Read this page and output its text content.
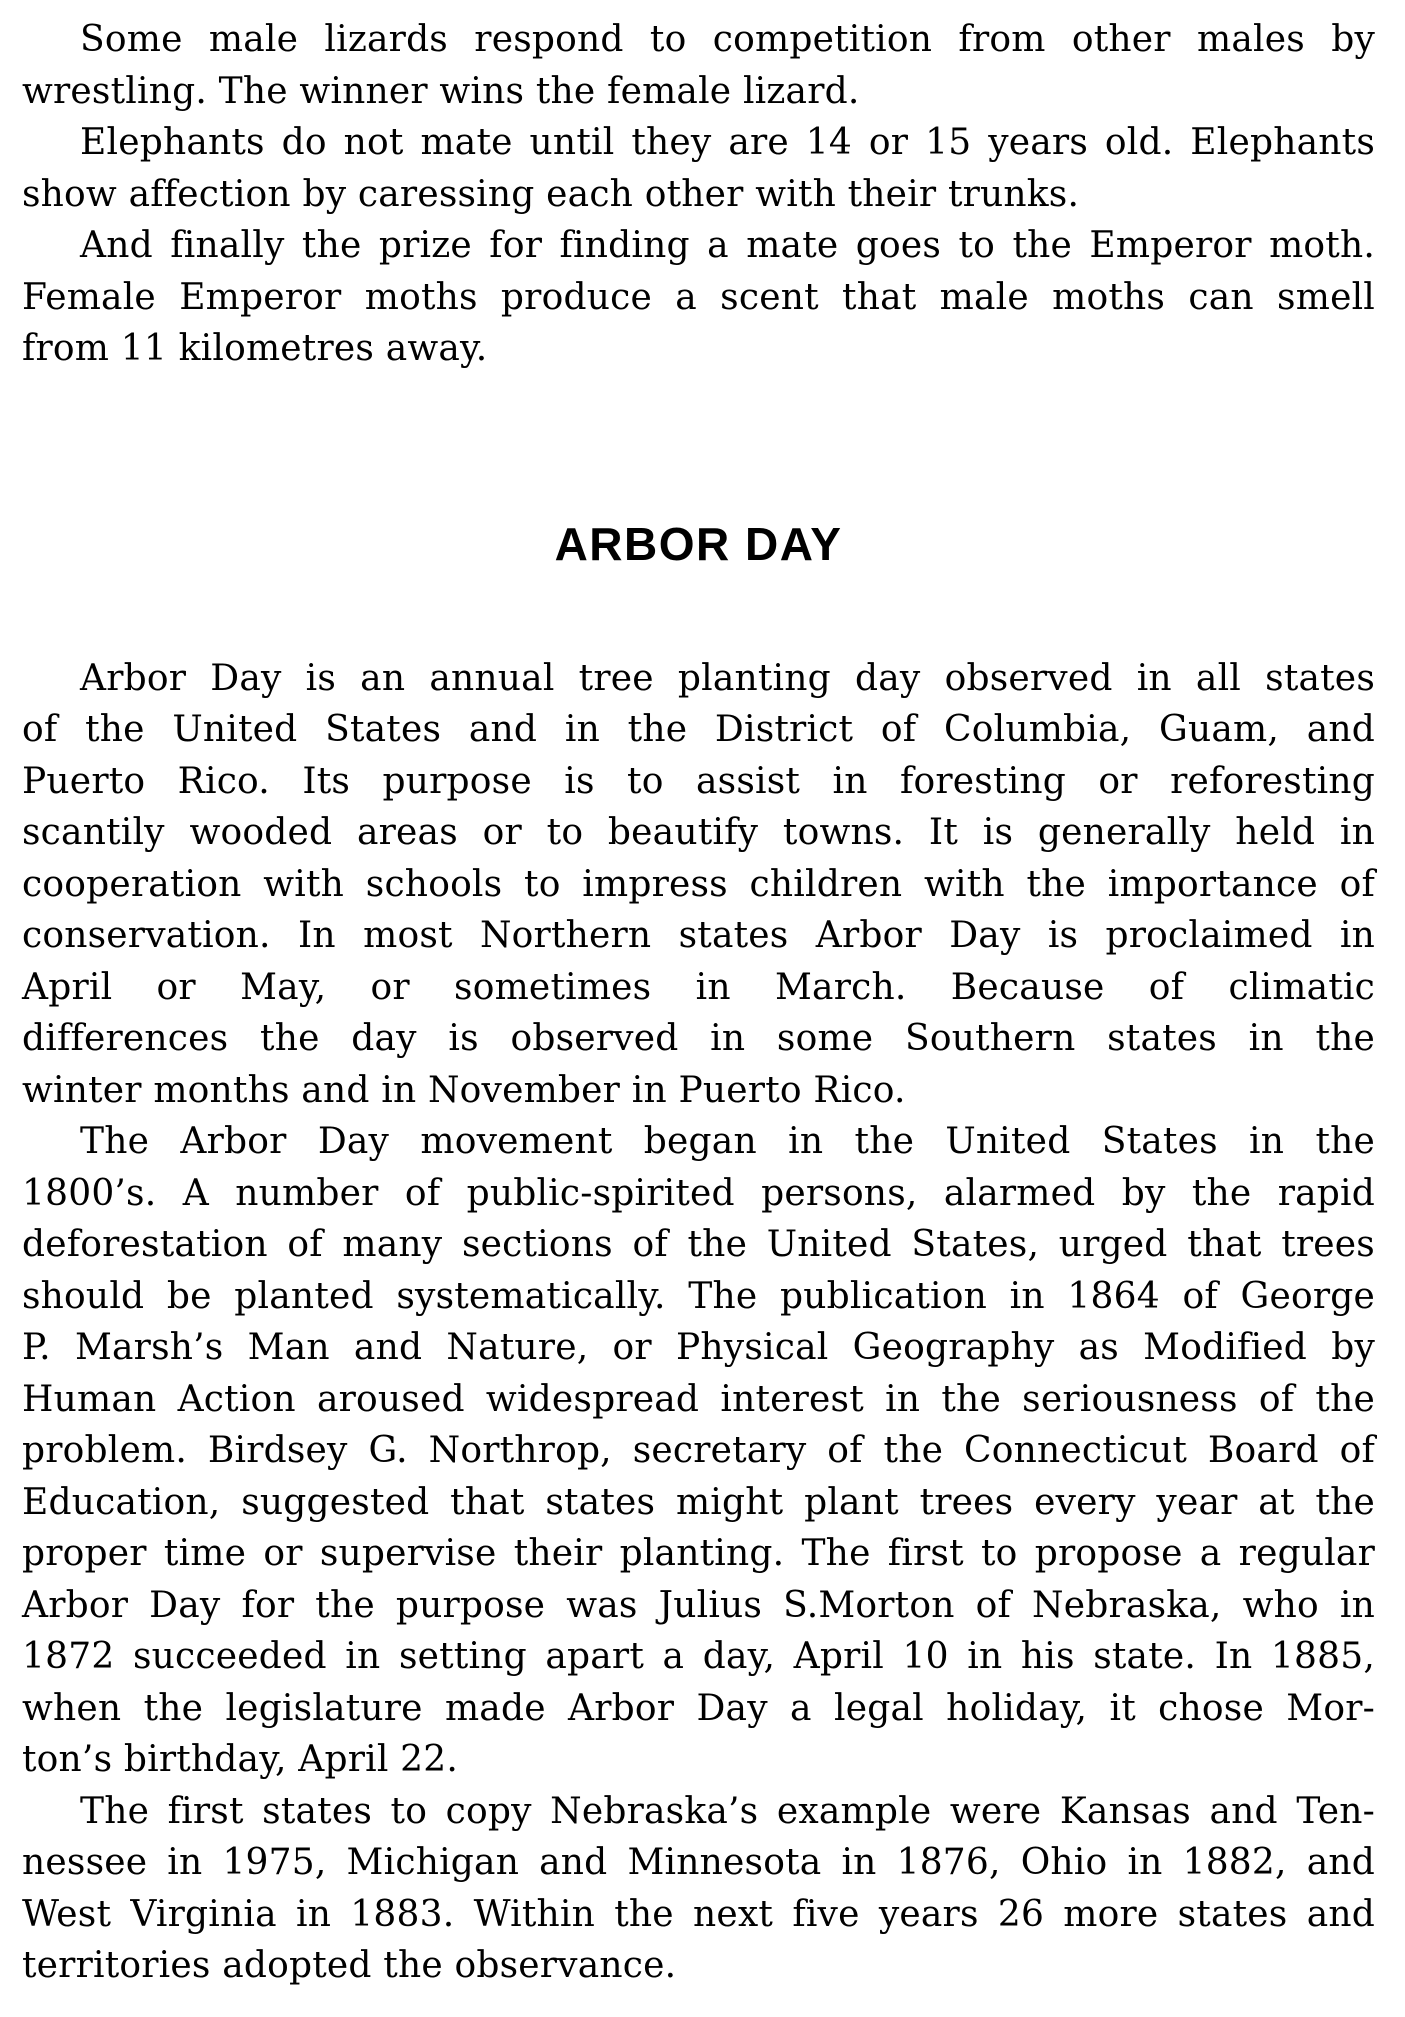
Some male lizards respond to competition from other males by
wrestling. The winner wins the female lizard.

Elephants do not mate until they are 14 or 15 years old. Elephants
show affection by caressing each other with their trunks.

And finally the prize for finding a mate goes to the Emperor moth.
Female Emperor moths produce a scent that male moths can smell
from 11 kilometres away.

ARBOR DAY

Arbor Day is an annual tree planting day observed in all states
of the United States and in the District of Columbia, Guam, and
Puerto Rico. Its purpose is to assist in foresting or reforesting
scantily wooded areas or to beautify towns. It is generally held in
cooperation with schools to impress children with the importance of
conservation. In most Northern states Arbor Day is proclaimed in
April or May, or sometimes in March. Because of climatic
differences the day is observed in some Southern states in the
winter months and in November in Puerto Rico.

The Arbor Day movement began in the United States in the
1800’s. A number of public-spirited persons, alarmed by the rapid
deforestation of many sections of the United States, urged that trees
should be planted systematically. The publication in 1864 of George
P. Marsh’s Man and Nature, or Physical Geography as Modified by
Human Action aroused widespread interest in the seriousness of the
problem. Birdsey G. Northrop, secretary of the Connecticut Board of
Education, suggested that states might plant trees every year at the
proper time or supervise their planting. The first to propose a regular
Arbor Day for the purpose was Julius S.Morton of Nebraska, who in
1872 succeeded in setting apart a day, April 10 in his state. In 1885,
when the legislature made Arbor Day a legal holiday, it chose Mor-
ton’s birthday, April 22.

The first states to copy Nebraska’s example were Kansas and Ten-
nessee in 1975, Michigan and Minnesota in 1876, Ohio in 1882, and
West Virginia in 1883. Within the next five years 26 more states and
territories adopted the observance.
